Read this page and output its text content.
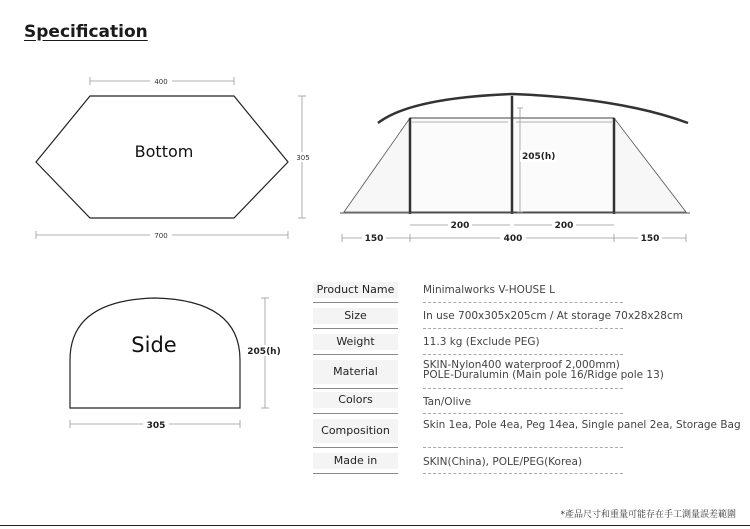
Specification
400
Bottom	305
700
205(h)
200	200
150	400	150
Side	205(h)
305
Product Name	Minimalworks V-HOUSE L
Size	In use 700x305x205cm / At storage 70x28x28cm
Weight	11.3 kg (Exclude PEG)
Material	SKIN-Nylon400 waterproof 2,000mm)
POLE-Duralumin (Main pole 16/Ridge pole 13)
Colors	Tan/Olive
Composition	Skin 1ea, Pole 4ea, Peg 14ea, Single panel 2ea, Storage Bag
Made in	SKIN(China), POLE/PEG(Korea)
*產品尺寸和重量可能存在手工測量誤差範圍
